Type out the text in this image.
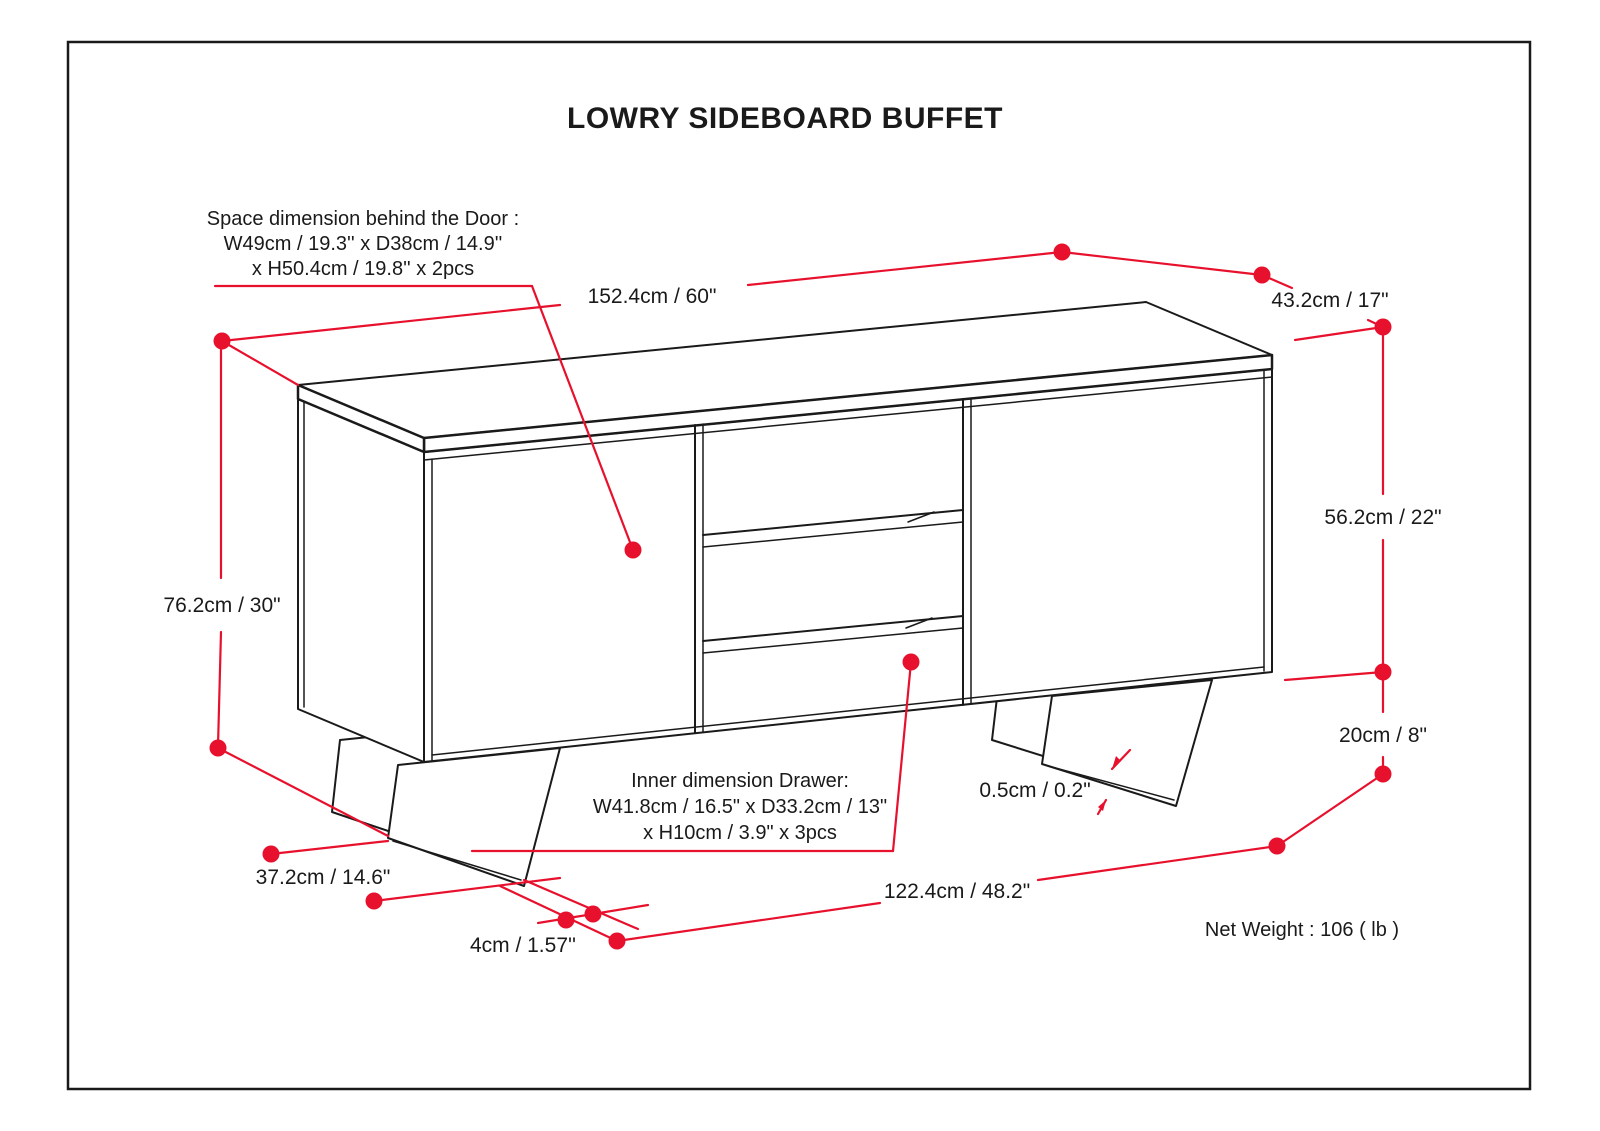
LOWRY SIDEBOARD BUFFET
Space dimension behind the Door :
W49cm / 19.3'' x D38cm / 14.9''
x H50.4cm / 19.8'' x 2pcs
Inner dimension Drawer:
W41.8cm / 16.5" x D33.2cm / 13"
x H10cm / 3.9" x 3pcs
152.4cm / 60"	43.2cm / 17"
76.2cm / 30"
56.2cm / 22"
20cm / 8"
0.5cm / 0.2"
37.2cm / 14.6"
4cm / 1.57''
122.4cm / 48.2"
Net Weight : 106 ( lb )
